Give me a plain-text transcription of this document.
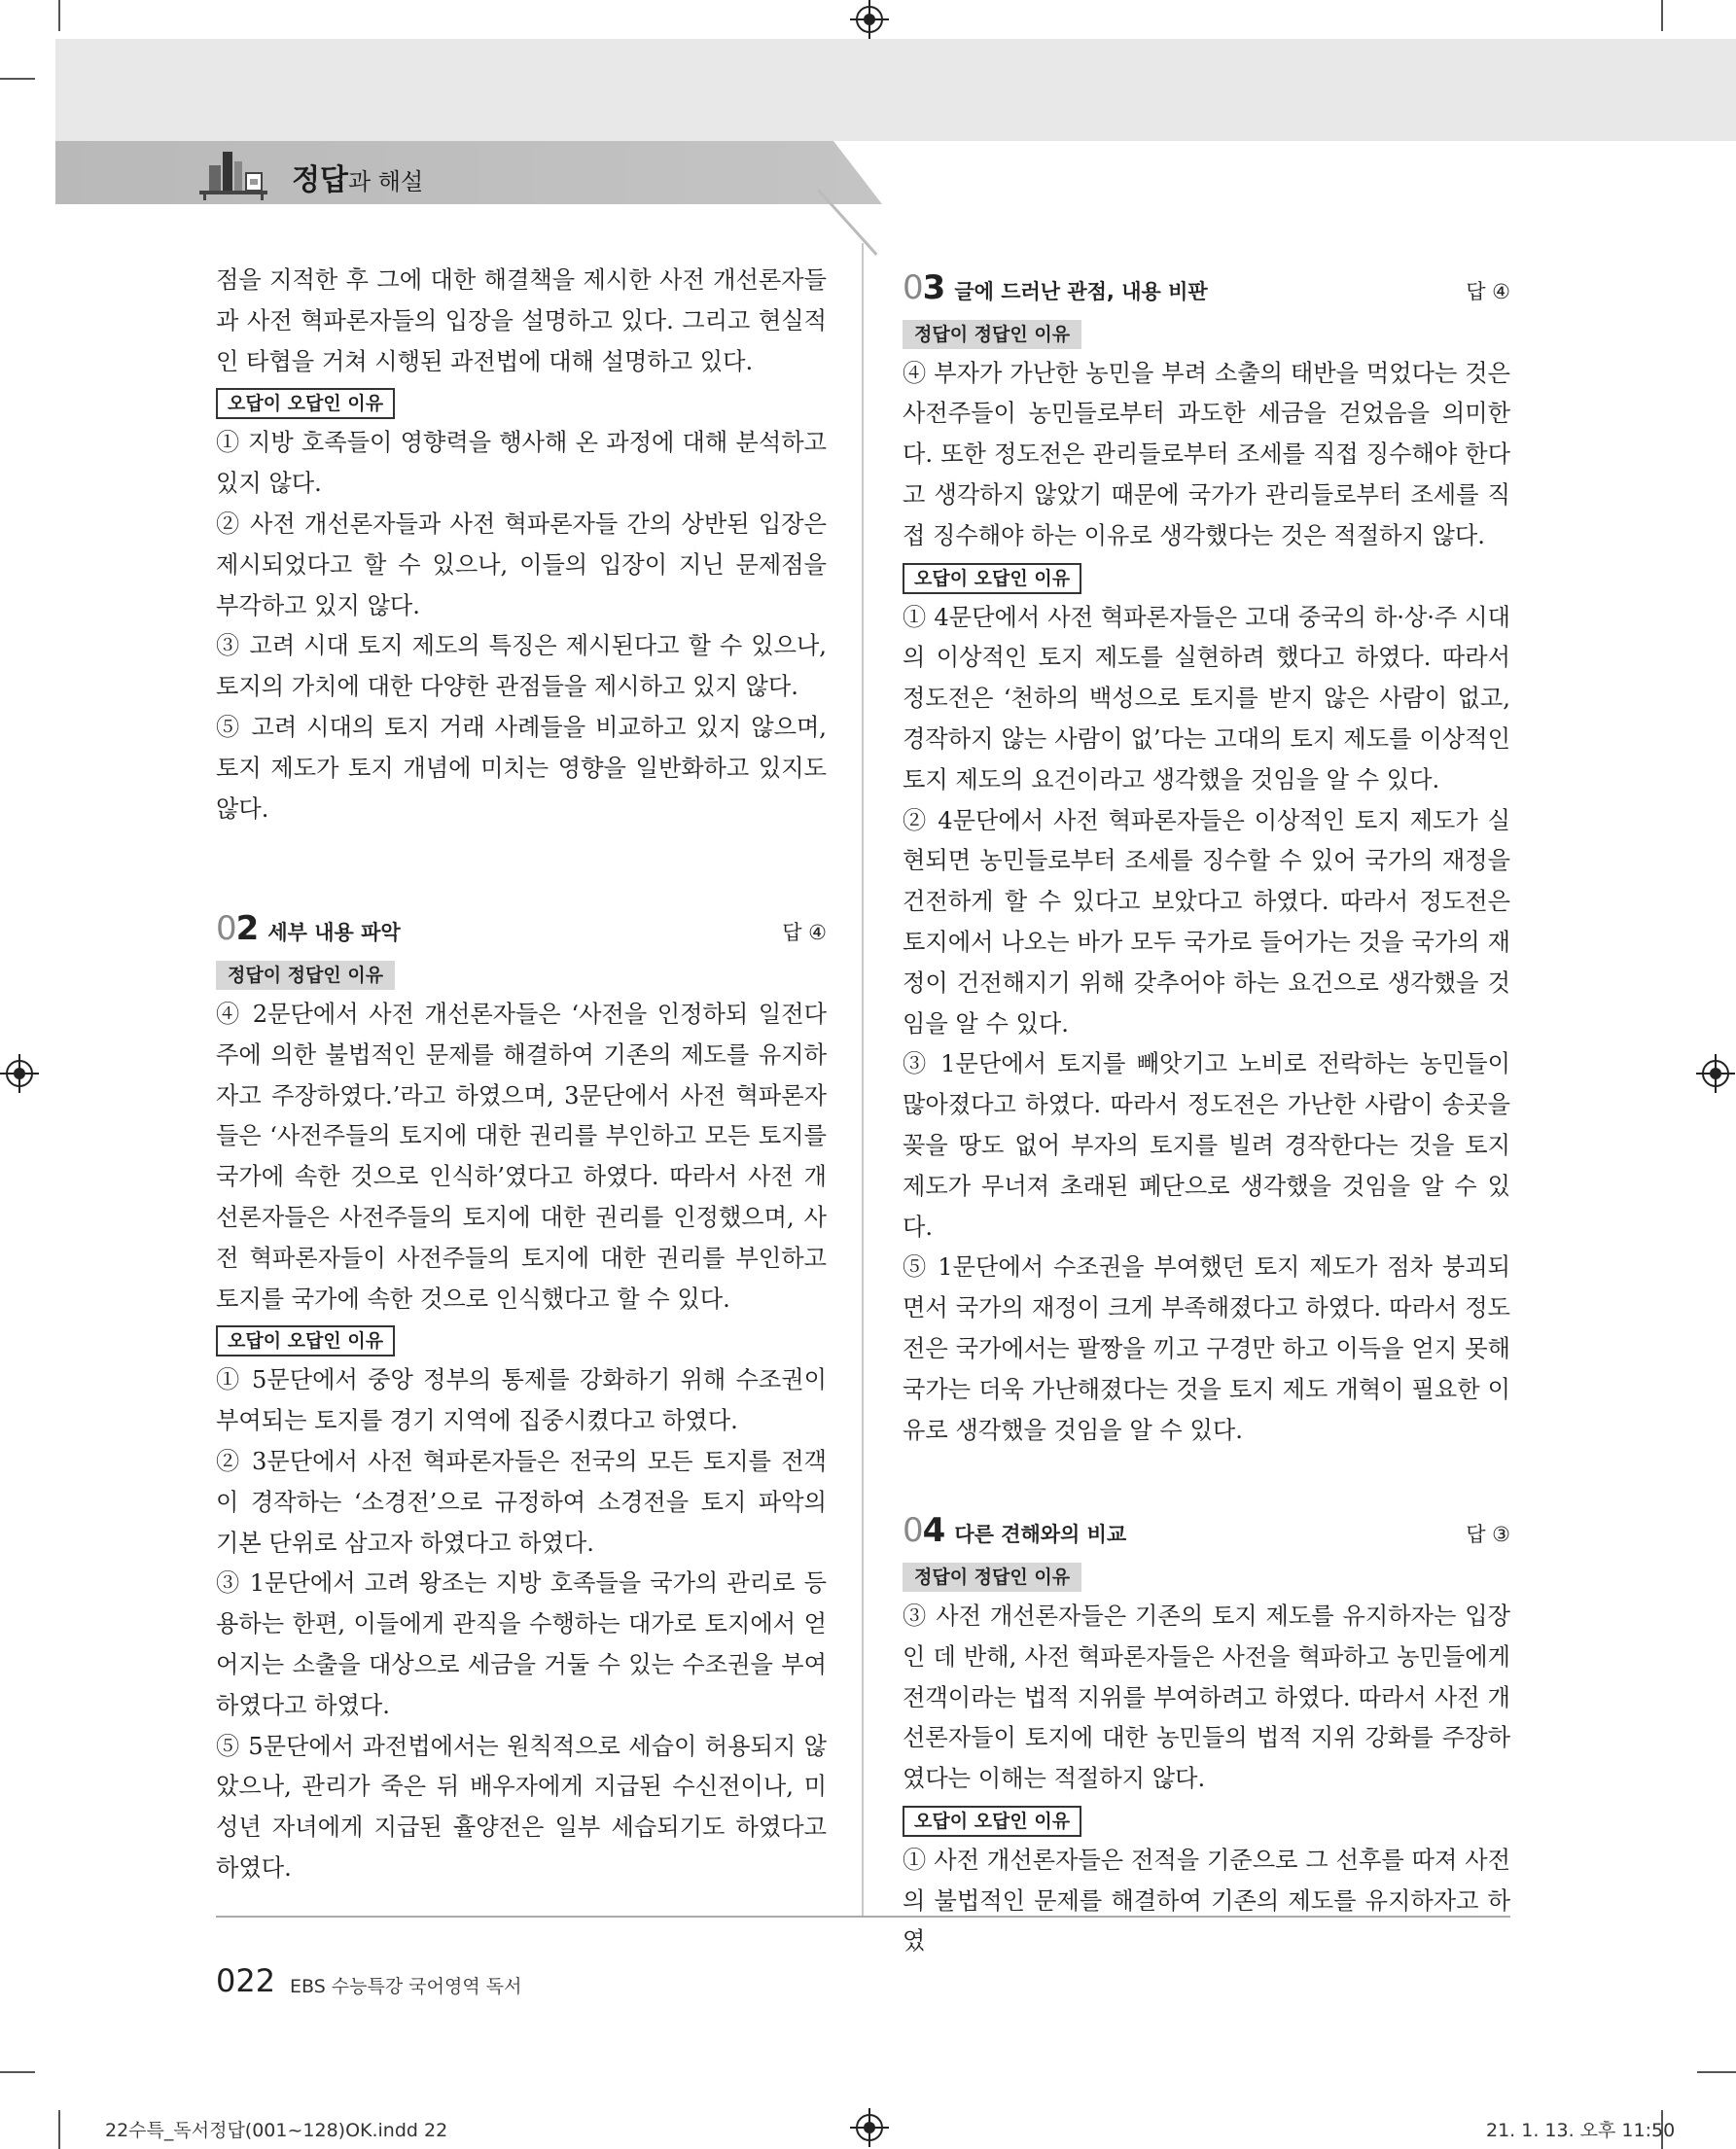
정답과 해설

점을 지적한 후 그에 대한 해결책을 제시한 사전 개선론자들과 사전 혁파론자들의 입장을 설명하고 있다. 그리고 현실적인 타협을 거쳐 시행된 과전법에 대해 설명하고 있다.

오답이 오답인 이유

① 지방 호족들이 영향력을 행사해 온 과정에 대해 분석하고 있지 않다.

② 사전 개선론자들과 사전 혁파론자들 간의 상반된 입장은 제시되었다고 할 수 있으나, 이들의 입장이 지닌 문제점을 부각하고 있지 않다.

③ 고려 시대 토지 제도의 특징은 제시된다고 할 수 있으나, 토지의 가치에 대한 다양한 관점들을 제시하고 있지 않다.

⑤ 고려 시대의 토지 거래 사례들을 비교하고 있지 않으며, 토지 제도가 토지 개념에 미치는 영향을 일반화하고 있지도 않다.

02 세부 내용 파악	답 ④
정답이 정답인 이유

④ 2문단에서 사전 개선론자들은 ‘사전을 인정하되 일전다주에 의한 불법적인 문제를 해결하여 기존의 제도를 유지하자고 주장하였다.’라고 하였으며, 3문단에서 사전 혁파론자들은 ‘사전주들의 토지에 대한 권리를 부인하고 모든 토지를 국가에 속한 것으로 인식하’였다고 하였다. 따라서 사전 개선론자들은 사전주들의 토지에 대한 권리를 인정했으며, 사전 혁파론자들이 사전주들의 토지에 대한 권리를 부인하고 토지를 국가에 속한 것으로 인식했다고 할 수 있다.

오답이 오답인 이유

① 5문단에서 중앙 정부의 통제를 강화하기 위해 수조권이 부여되는 토지를 경기 지역에 집중시켰다고 하였다.

② 3문단에서 사전 혁파론자들은 전국의 모든 토지를 전객이 경작하는 ‘소경전’으로 규정하여 소경전을 토지 파악의 기본 단위로 삼고자 하였다고 하였다.

③ 1문단에서 고려 왕조는 지방 호족들을 국가의 관리로 등용하는 한편, 이들에게 관직을 수행하는 대가로 토지에서 얻어지는 소출을 대상으로 세금을 거둘 수 있는 수조권을 부여하였다고 하였다.

⑤ 5문단에서 과전법에서는 원칙적으로 세습이 허용되지 않았으나, 관리가 죽은 뒤 배우자에게 지급된 수신전이나, 미성년 자녀에게 지급된 휼양전은 일부 세습되기도 하였다고 하였다.

03 글에 드러난 관점, 내용 비판	답 ④
정답이 정답인 이유

④ 부자가 가난한 농민을 부려 소출의 태반을 먹었다는 것은 사전주들이 농민들로부터 과도한 세금을 걷었음을 의미한다. 또한 정도전은 관리들로부터 조세를 직접 징수해야 한다고 생각하지 않았기 때문에 국가가 관리들로부터 조세를 직접 징수해야 하는 이유로 생각했다는 것은 적절하지 않다.

오답이 오답인 이유

① 4문단에서 사전 혁파론자들은 고대 중국의 하·상·주 시대의 이상적인 토지 제도를 실현하려 했다고 하였다. 따라서 정도전은 ‘천하의 백성으로 토지를 받지 않은 사람이 없고, 경작하지 않는 사람이 없’다는 고대의 토지 제도를 이상적인 토지 제도의 요건이라고 생각했을 것임을 알 수 있다.

② 4문단에서 사전 혁파론자들은 이상적인 토지 제도가 실현되면 농민들로부터 조세를 징수할 수 있어 국가의 재정을 건전하게 할 수 있다고 보았다고 하였다. 따라서 정도전은 토지에서 나오는 바가 모두 국가로 들어가는 것을 국가의 재정이 건전해지기 위해 갖추어야 하는 요건으로 생각했을 것임을 알 수 있다.

③ 1문단에서 토지를 빼앗기고 노비로 전락하는 농민들이 많아졌다고 하였다. 따라서 정도전은 가난한 사람이 송곳을 꽂을 땅도 없어 부자의 토지를 빌려 경작한다는 것을 토지 제도가 무너져 초래된 폐단으로 생각했을 것임을 알 수 있다.

⑤ 1문단에서 수조권을 부여했던 토지 제도가 점차 붕괴되면서 국가의 재정이 크게 부족해졌다고 하였다. 따라서 정도전은 국가에서는 팔짱을 끼고 구경만 하고 이득을 얻지 못해 국가는 더욱 가난해졌다는 것을 토지 제도 개혁이 필요한 이유로 생각했을 것임을 알 수 있다.

04 다른 견해와의 비교	답 ③
정답이 정답인 이유

③ 사전 개선론자들은 기존의 토지 제도를 유지하자는 입장인 데 반해, 사전 혁파론자들은 사전을 혁파하고 농민들에게 전객이라는 법적 지위를 부여하려고 하였다. 따라서 사전 개선론자들이 토지에 대한 농민들의 법적 지위 강화를 주장하였다는 이해는 적절하지 않다.

오답이 오답인 이유

① 사전 개선론자들은 전적을 기준으로 그 선후를 따져 사전의 불법적인 문제를 해결하여 기존의 제도를 유지하자고 하였

022 EBS 수능특강 국어영역 독서
22수특_독서정답(001~128)OK.indd 22	21. 1. 13. 오후 11:50
